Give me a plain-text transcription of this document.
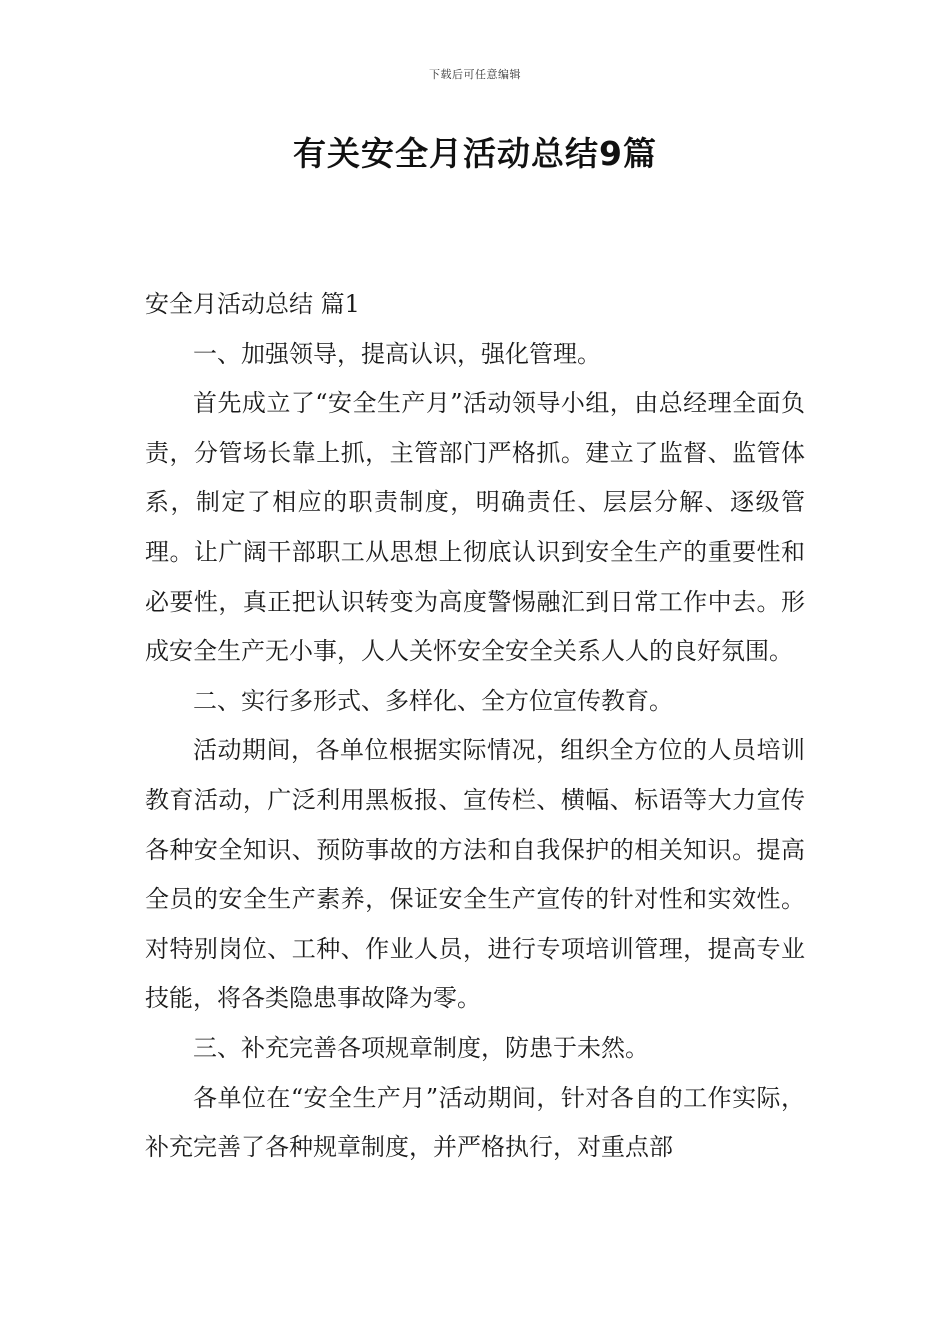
下载后可任意编辑
有关安全月活动总结9篇

安全月活动总结 篇1

一、加强领导，提高认识，强化管理。

首先成立了“安全生产月”活动领导小组，由总经理全面负责，分管场长靠上抓，主管部门严格抓。建立了监督、监管体系，制定了相应的职责制度，明确责任、层层分解、逐级管理。让广阔干部职工从思想上彻底认识到安全生产的重要性和必要性，真正把认识转变为高度警惕融汇到日常工作中去。形成安全生产无小事，人人关怀安全安全关系人人的良好氛围。

二、实行多形式、多样化、全方位宣传教育。

活动期间，各单位根据实际情况，组织全方位的人员培训教育活动，广泛利用黑板报、宣传栏、横幅、标语等大力宣传各种安全知识、预防事故的方法和自我保护的相关知识。提高全员的安全生产素养，保证安全生产宣传的针对性和实效性。对特别岗位、工种、作业人员，进行专项培训管理，提高专业技能，将各类隐患事故降为零。

三、补充完善各项规章制度，防患于未然。

各单位在“安全生产月”活动期间，针对各自的工作实际，补充完善了各种规章制度，并严格执行，对重点部
